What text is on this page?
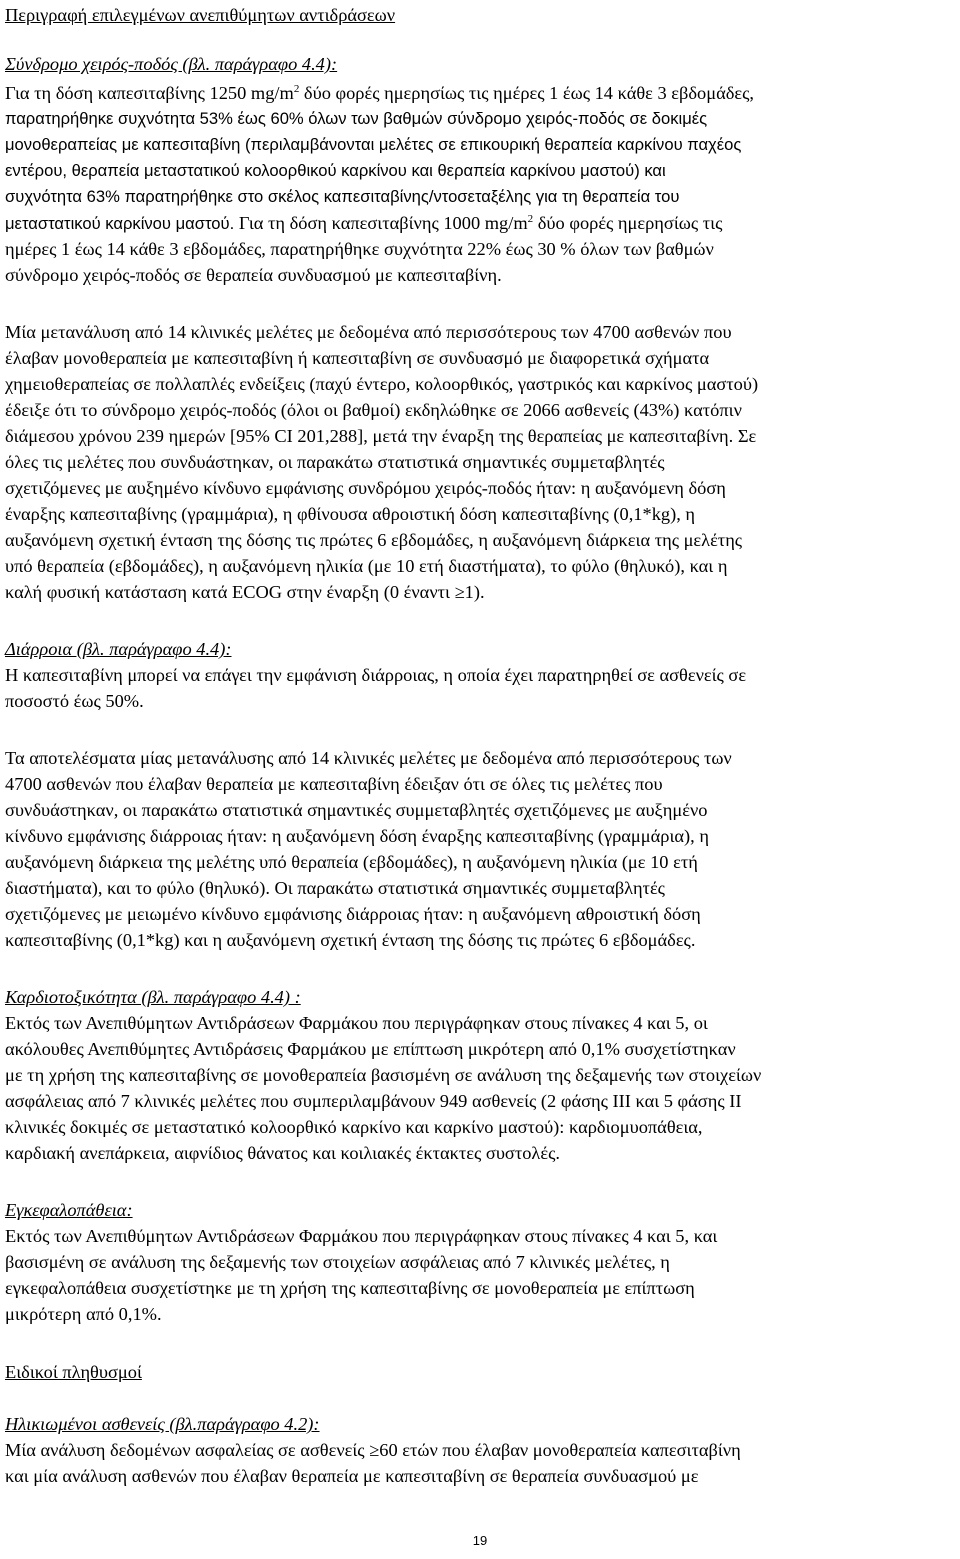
Περιγραφή επιλεγμένων ανεπιθύμητων αντιδράσεων
Σύνδρομο χειρός-ποδός (βλ. παράγραφο 4.4):
Για τη δόση καπεσιταβίνης 1250 $mg/m^2$ δύο φορές ημερησίως τις ημέρες 1 έως 14 κάθε 3 εβδομάδες,
παρατηρήθηκε συχνότητα 53% έως 60% όλων των βαθμών σύνδρομο χειρός-ποδός σε δοκιμές
μονοθεραπείας με καπεσιταβίνη (περιλαμβάνονται μελέτες σε επικουρική θεραπεία καρκίνου παχέος
εντέρου, θεραπεία μεταστατικού κολοορθικού καρκίνου και θεραπεία καρκίνου μαστού) και
συχνότητα 63% παρατηρήθηκε στο σκέλος καπεσιταβίνης/ντοσεταξέλης για τη θεραπεία του
μεταστατικού καρκίνου μαστού. Για τη δόση καπεσιταβίνης 1000 $mg/m^2$ δύο φορές ημερησίως τις
ημέρες 1 έως 14 κάθε 3 εβδομάδες, παρατηρήθηκε συχνότητα 22% έως 30 % όλων των βαθμών
σύνδρομο χειρός-ποδός σε θεραπεία συνδυασμού με καπεσιταβίνη.
Μία μετανάλυση από 14 κλινικές μελέτες με δεδομένα από περισσότερους των 4700 ασθενών που
έλαβαν μονοθεραπεία με καπεσιταβίνη ή καπεσιταβίνη σε συνδυασμό με διαφορετικά σχήματα
χημειοθεραπείας σε πολλαπλές ενδείξεις (παχύ έντερο, κολοορθικός, γαστρικός και καρκίνος μαστού)
έδειξε ότι το σύνδρομο χειρός-ποδός (όλοι οι βαθμοί) εκδηλώθηκε σε 2066 ασθενείς (43%) κατόπιν
διάμεσου χρόνου 239 ημερών [95% CI 201,288], μετά την έναρξη της θεραπείας με καπεσιταβίνη. Σε
όλες τις μελέτες που συνδυάστηκαν, οι παρακάτω στατιστικά σημαντικές συμμεταβλητές
σχετιζόμενες με αυξημένο κίνδυνο εμφάνισης συνδρόμου χειρός-ποδός ήταν: η αυξανόμενη δόση
έναρξης καπεσιταβίνης (γραμμάρια), η φθίνουσα αθροιστική δόση καπεσιταβίνης (0,1*kg), η
αυξανόμενη σχετική ένταση της δόσης τις πρώτες 6 εβδομάδες, η αυξανόμενη διάρκεια της μελέτης
υπό θεραπεία (εβδομάδες), η αυξανόμενη ηλικία (με 10 ετή διαστήματα), το φύλο (θηλυκό), και η
καλή φυσική κατάσταση κατά ECOG στην έναρξη (0 έναντι ≥1).
Διάρροια (βλ. παράγραφο 4.4):
Η καπεσιταβίνη μπορεί να επάγει την εμφάνιση διάρροιας, η οποία έχει παρατηρηθεί σε ασθενείς σε
ποσοστό έως 50%.
Τα αποτελέσματα μίας μετανάλυσης από 14 κλινικές μελέτες με δεδομένα από περισσότερους των
4700 ασθενών που έλαβαν θεραπεία με καπεσιταβίνη έδειξαν ότι σε όλες τις μελέτες που
συνδυάστηκαν, οι παρακάτω στατιστικά σημαντικές συμμεταβλητές σχετιζόμενες με αυξημένο
κίνδυνο εμφάνισης διάρροιας ήταν: η αυξανόμενη δόση έναρξης καπεσιταβίνης (γραμμάρια), η
αυξανόμενη διάρκεια της μελέτης υπό θεραπεία (εβδομάδες), η αυξανόμενη ηλικία (με 10 ετή
διαστήματα), και το φύλο (θηλυκό). Οι παρακάτω στατιστικά σημαντικές συμμεταβλητές
σχετιζόμενες με μειωμένο κίνδυνο εμφάνισης διάρροιας ήταν: η αυξανόμενη αθροιστική δόση
καπεσιταβίνης (0,1*kg) και η αυξανόμενη σχετική ένταση της δόσης τις πρώτες 6 εβδομάδες.
Καρδιοτοξικότητα (βλ. παράγραφο 4.4) :
Εκτός των Ανεπιθύμητων Αντιδράσεων Φαρμάκου που περιγράφηκαν στους πίνακες 4 και 5, οι
ακόλουθες Ανεπιθύμητες Αντιδράσεις Φαρμάκου με επίπτωση μικρότερη από 0,1% συσχετίστηκαν
με τη χρήση της καπεσιταβίνης σε μονοθεραπεία βασισμένη σε ανάλυση της δεξαμενής των στοιχείων
ασφάλειας από 7 κλινικές μελέτες που συμπεριλαμβάνουν 949 ασθενείς (2 φάσης ΙΙΙ και 5 φάσης ΙΙ
κλινικές δοκιμές σε μεταστατικό κολοορθικό καρκίνο και καρκίνο μαστού): καρδιομυοπάθεια,
καρδιακή ανεπάρκεια, αιφνίδιος θάνατος και κοιλιακές έκτακτες συστολές.
Εγκεφαλοπάθεια:
Εκτός των Ανεπιθύμητων Αντιδράσεων Φαρμάκου που περιγράφηκαν στους πίνακες 4 και 5, και
βασισμένη σε ανάλυση της δεξαμενής των στοιχείων ασφάλειας από 7 κλινικές μελέτες, η
εγκεφαλοπάθεια συσχετίστηκε με τη χρήση της καπεσιταβίνης σε μονοθεραπεία με επίπτωση
μικρότερη από 0,1%.
Ειδικοί πληθυσμοί
Ηλικιωμένοι ασθενείς (βλ.παράγραφο 4.2):
Μία ανάλυση δεδομένων ασφαλείας σε ασθενείς ≥60 ετών που έλαβαν μονοθεραπεία καπεσιταβίνη
και μία ανάλυση ασθενών που έλαβαν θεραπεία με καπεσιταβίνη σε θεραπεία συνδυασμού με
19
